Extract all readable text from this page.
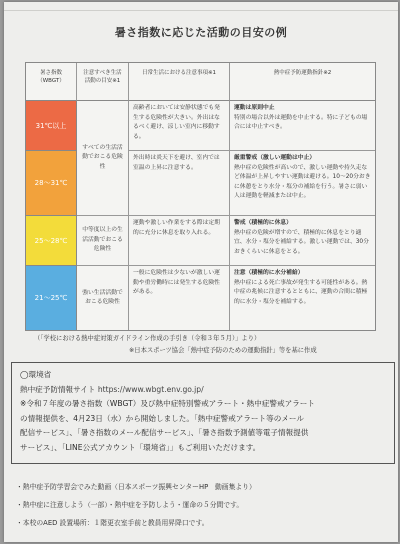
暑さ指数に応じた活動の目安の例
暑さ指数
（WBGT）
注意すべき生活
活動の目安※1
日常生活における注意事項※1	熱中症予防運動指針※2
31℃以上
28～31℃
25～28℃
21～25℃
すべての生活活動でおこる危険性
中等度以上の生活活動でおこる危険性
強い生活活動でおこる危険性
高齢者においては安静状態でも発生する危険性が大きい。外出はなるべく避け、涼しい室内に移動する。
外出時は炎天下を避け、室内では室温の上昇に注意する。
運動や激しい作業をする際は定期的に充分に休息を取り入れる。
一般に危険性は少ないが激しい運動や重労働時には発生する危険性がある。
運動は原則中止
特別の場合以外は運動を中止する。特に子どもの場合には中止すべき。
厳重警戒（激しい運動は中止）
熱中症の危険性が高いので、激しい運動や持久走など体温が上昇しやすい運動は避ける。10～20分おきに休憩をとり水分・塩分の補給を行う。暑さに弱い人は運動を軽減または中止。
警戒（積極的に休息）
熱中症の危険が増すので、積極的に休息をとり適宜、水分・塩分を補給する。激しい運動では、30分おきくらいに休息をとる。
注意（積極的に水分補給）
熱中症による死亡事故が発生する可能性がある。熱中症の兆候に注意するとともに、運動の合間に積極的に水分・塩分を補給する。
（「学校における熱中症対策ガイドライン作成の手引き（令和３年５月）」より）
※日本スポーツ協会「熱中症予防のための運動指針」等を基に作成
◯環境省
熱中症予防情報サイト https://www.wbgt.env.go.jp/
※令和７年度の暑さ指数（WBGT）及び熱中症特別警戒アラート・熱中症警戒アラート
の情報提供を、4月23日（水）から開始しました。「熱中症警戒アラート等のメール
配信サービス」、「暑さ指数のメール配信サービス」、「暑さ指数予測値等電子情報提供
サービス」、「LINE公式アカウント「環境省」」もご利用いただけます。
・熱中症予防学習会でみた動画（日本スポーツ振興センターHP　動画集より）
・熱中症に注意しよう（一部）・熱中症を予防しよう・運命の５分間です。
・本校のAED 設置場所：１階更衣室手前と教員用昇降口です。
